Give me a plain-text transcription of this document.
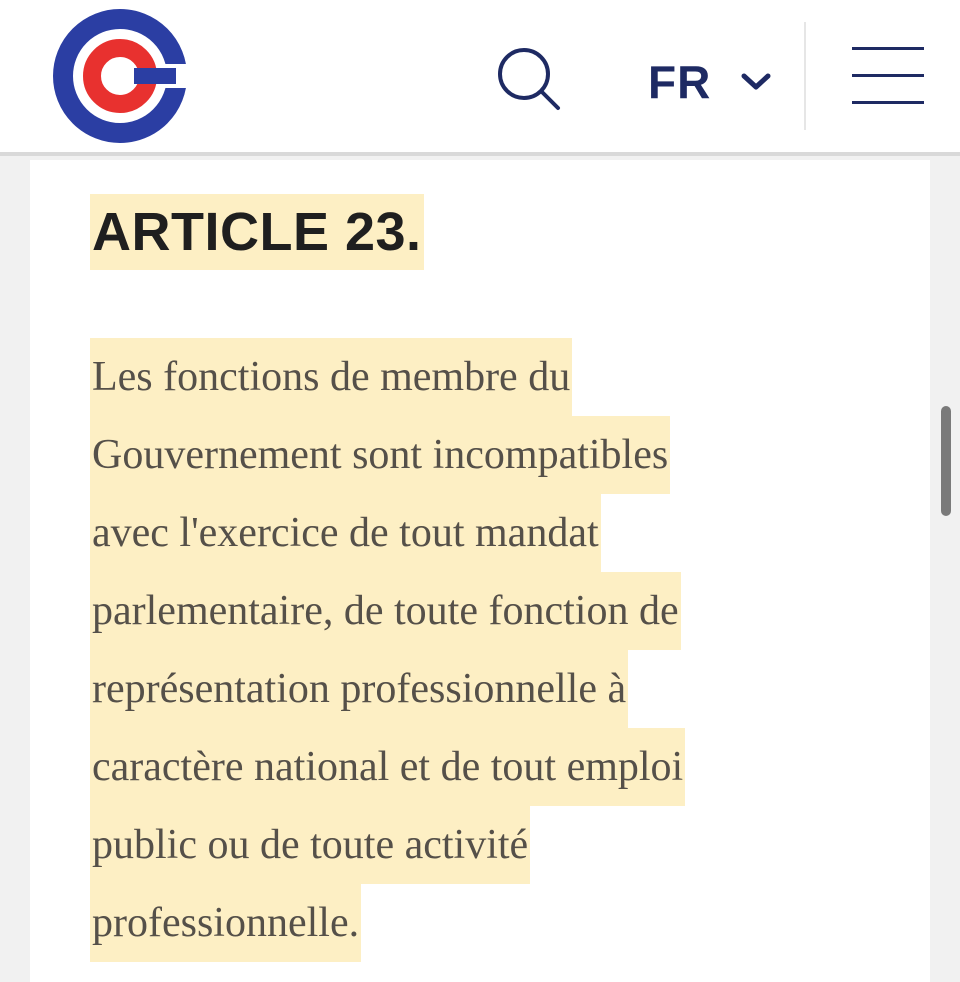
FR
ARTICLE 23.
Les fonctions de membre du
Gouvernement sont incompatibles
avec l'exercice de tout mandat
parlementaire, de toute fonction de
représentation professionnelle à
caractère national et de tout emploi
public ou de toute activité
professionnelle.
